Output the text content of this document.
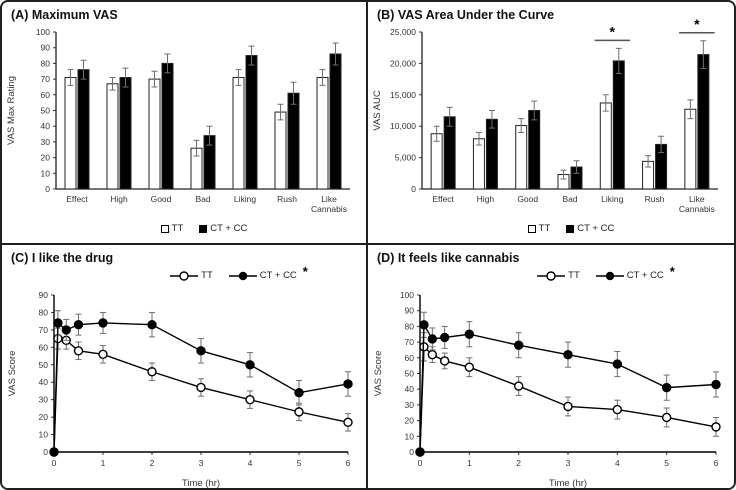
(A) Maximum VAS
0
10
20
30
40
50
60
70
80
90
100
VAS Max Rating
Effect	High	Good	Bad	Liking Rush	Like
Cannabis
TT	CT + CC
(B) VAS Area Under the Curve
0
5,000
10,000
15,000
20,000
25,000
VAS AUC
Effect	High	Good	Bad	Liking
*
Rush	Like
Cannabis
*
TT	CT + CC
(C) I like the drug
TT	CT + CC *
0
10
20
30
40
50
60
70
80
90
0	1	2	3	4	5	6
VAS Score
Time (hr)
(D) It feels like cannabis
TT	CT + CC *
0
10
20
30
40
50
60
70
80
90
100
0	1	2	3	4	5	6
VAS Score
Time (hr)
